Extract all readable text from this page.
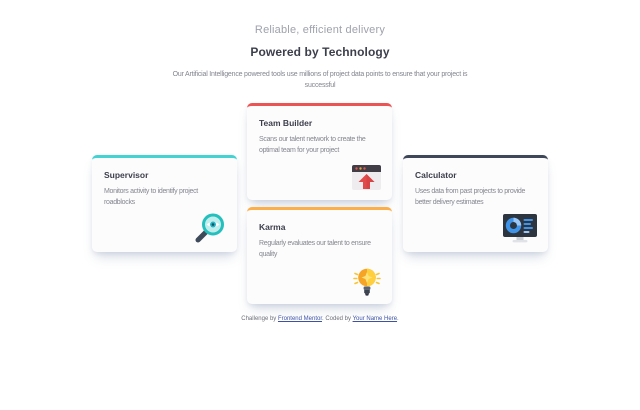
Reliable, efficient delivery

Powered by Technology

Our Artificial Intelligence powered tools use millions of project data points to ensure that your project is successful

Supervisor

Monitors activity to identify project roadblocks

Team Builder

Scans our talent network to create the optimal team for your project

Karma

Regularly evaluates our talent to ensure quality

Calculator

Uses data from past projects to provide better delivery estimates

Challenge by Frontend Mentor. Coded by Your Name Here.
